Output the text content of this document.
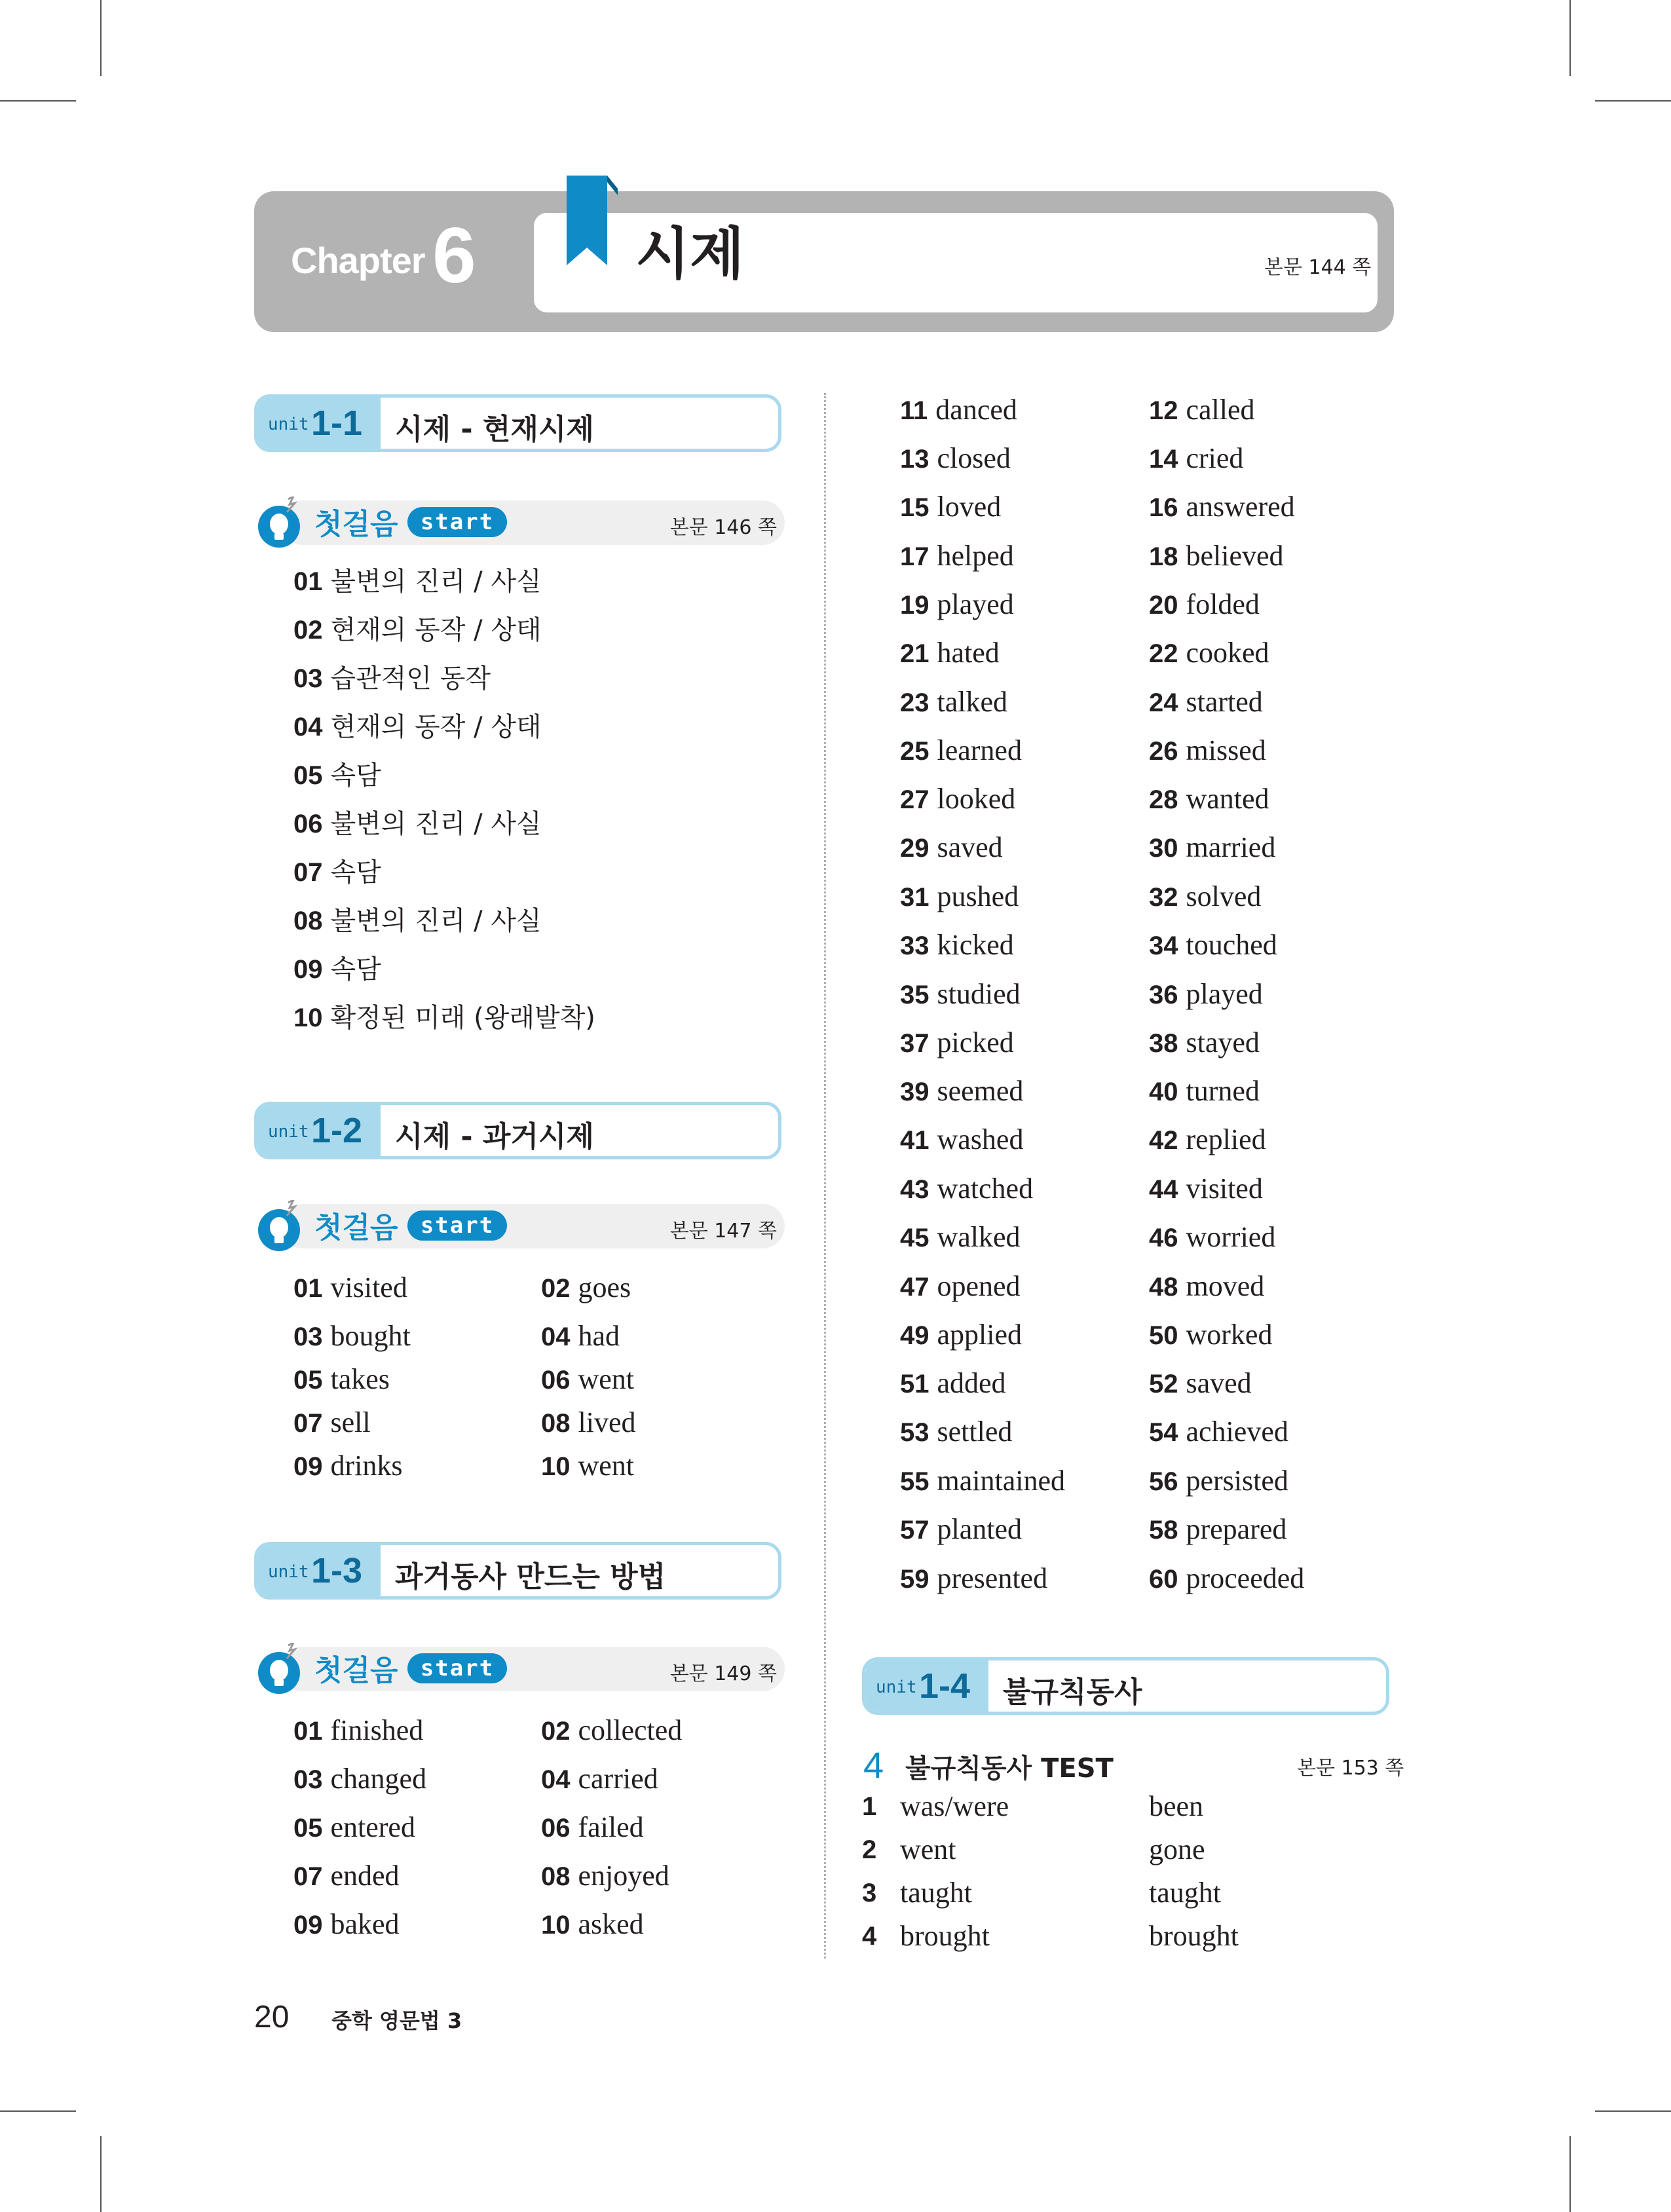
Chapter 6	시제	본문 144 쪽
unit 1-1 시제 - 현재시제
첫걸음	start	본문 146 쪽
01 불변의 진리 / 사실
02 현재의 동작 / 상태
03 습관적인 동작
04 현재의 동작 / 상태
05 속담
06 불변의 진리 / 사실
07 속담
08 불변의 진리 / 사실
09 속담
10 확정된 미래 (왕래발착)
unit 1-2 시제 - 과거시제
첫걸음	start	본문 147 쪽
01 visited	02 goes
03 bought	04 had
05 takes	06 went
07 sell	08 lived
09 drinks	10 went
unit 1-3 과거동사 만드는 방법
첫걸음	start	본문 149 쪽
01 finished	02 collected
03 changed	04 carried
05 entered	06 failed
07 ended	08 enjoyed
09 baked	10 asked
11 danced	12 called
13 closed	14 cried
15 loved	16 answered
17 helped	18 believed
19 played	20 folded
21 hated	22 cooked
23 talked	24 started
25 learned	26 missed
27 looked	28 wanted
29 saved	30 married
31 pushed	32 solved
33 kicked	34 touched
35 studied	36 played
37 picked	38 stayed
39 seemed	40 turned
41 washed	42 replied
43 watched	44 visited
45 walked	46 worried
47 opened	48 moved
49 applied	50 worked
51 added	52 saved
53 settled	54 achieved
55 maintained	56 persisted
57 planted	58 prepared
59 presented	60 proceeded
unit 1-4 불규칙동사
4 불규칙동사 TEST	본문 153 쪽
1 was/were	been
2 went	gone
3 taught	taught
4 brought	brought
20 중학 영문법 3
